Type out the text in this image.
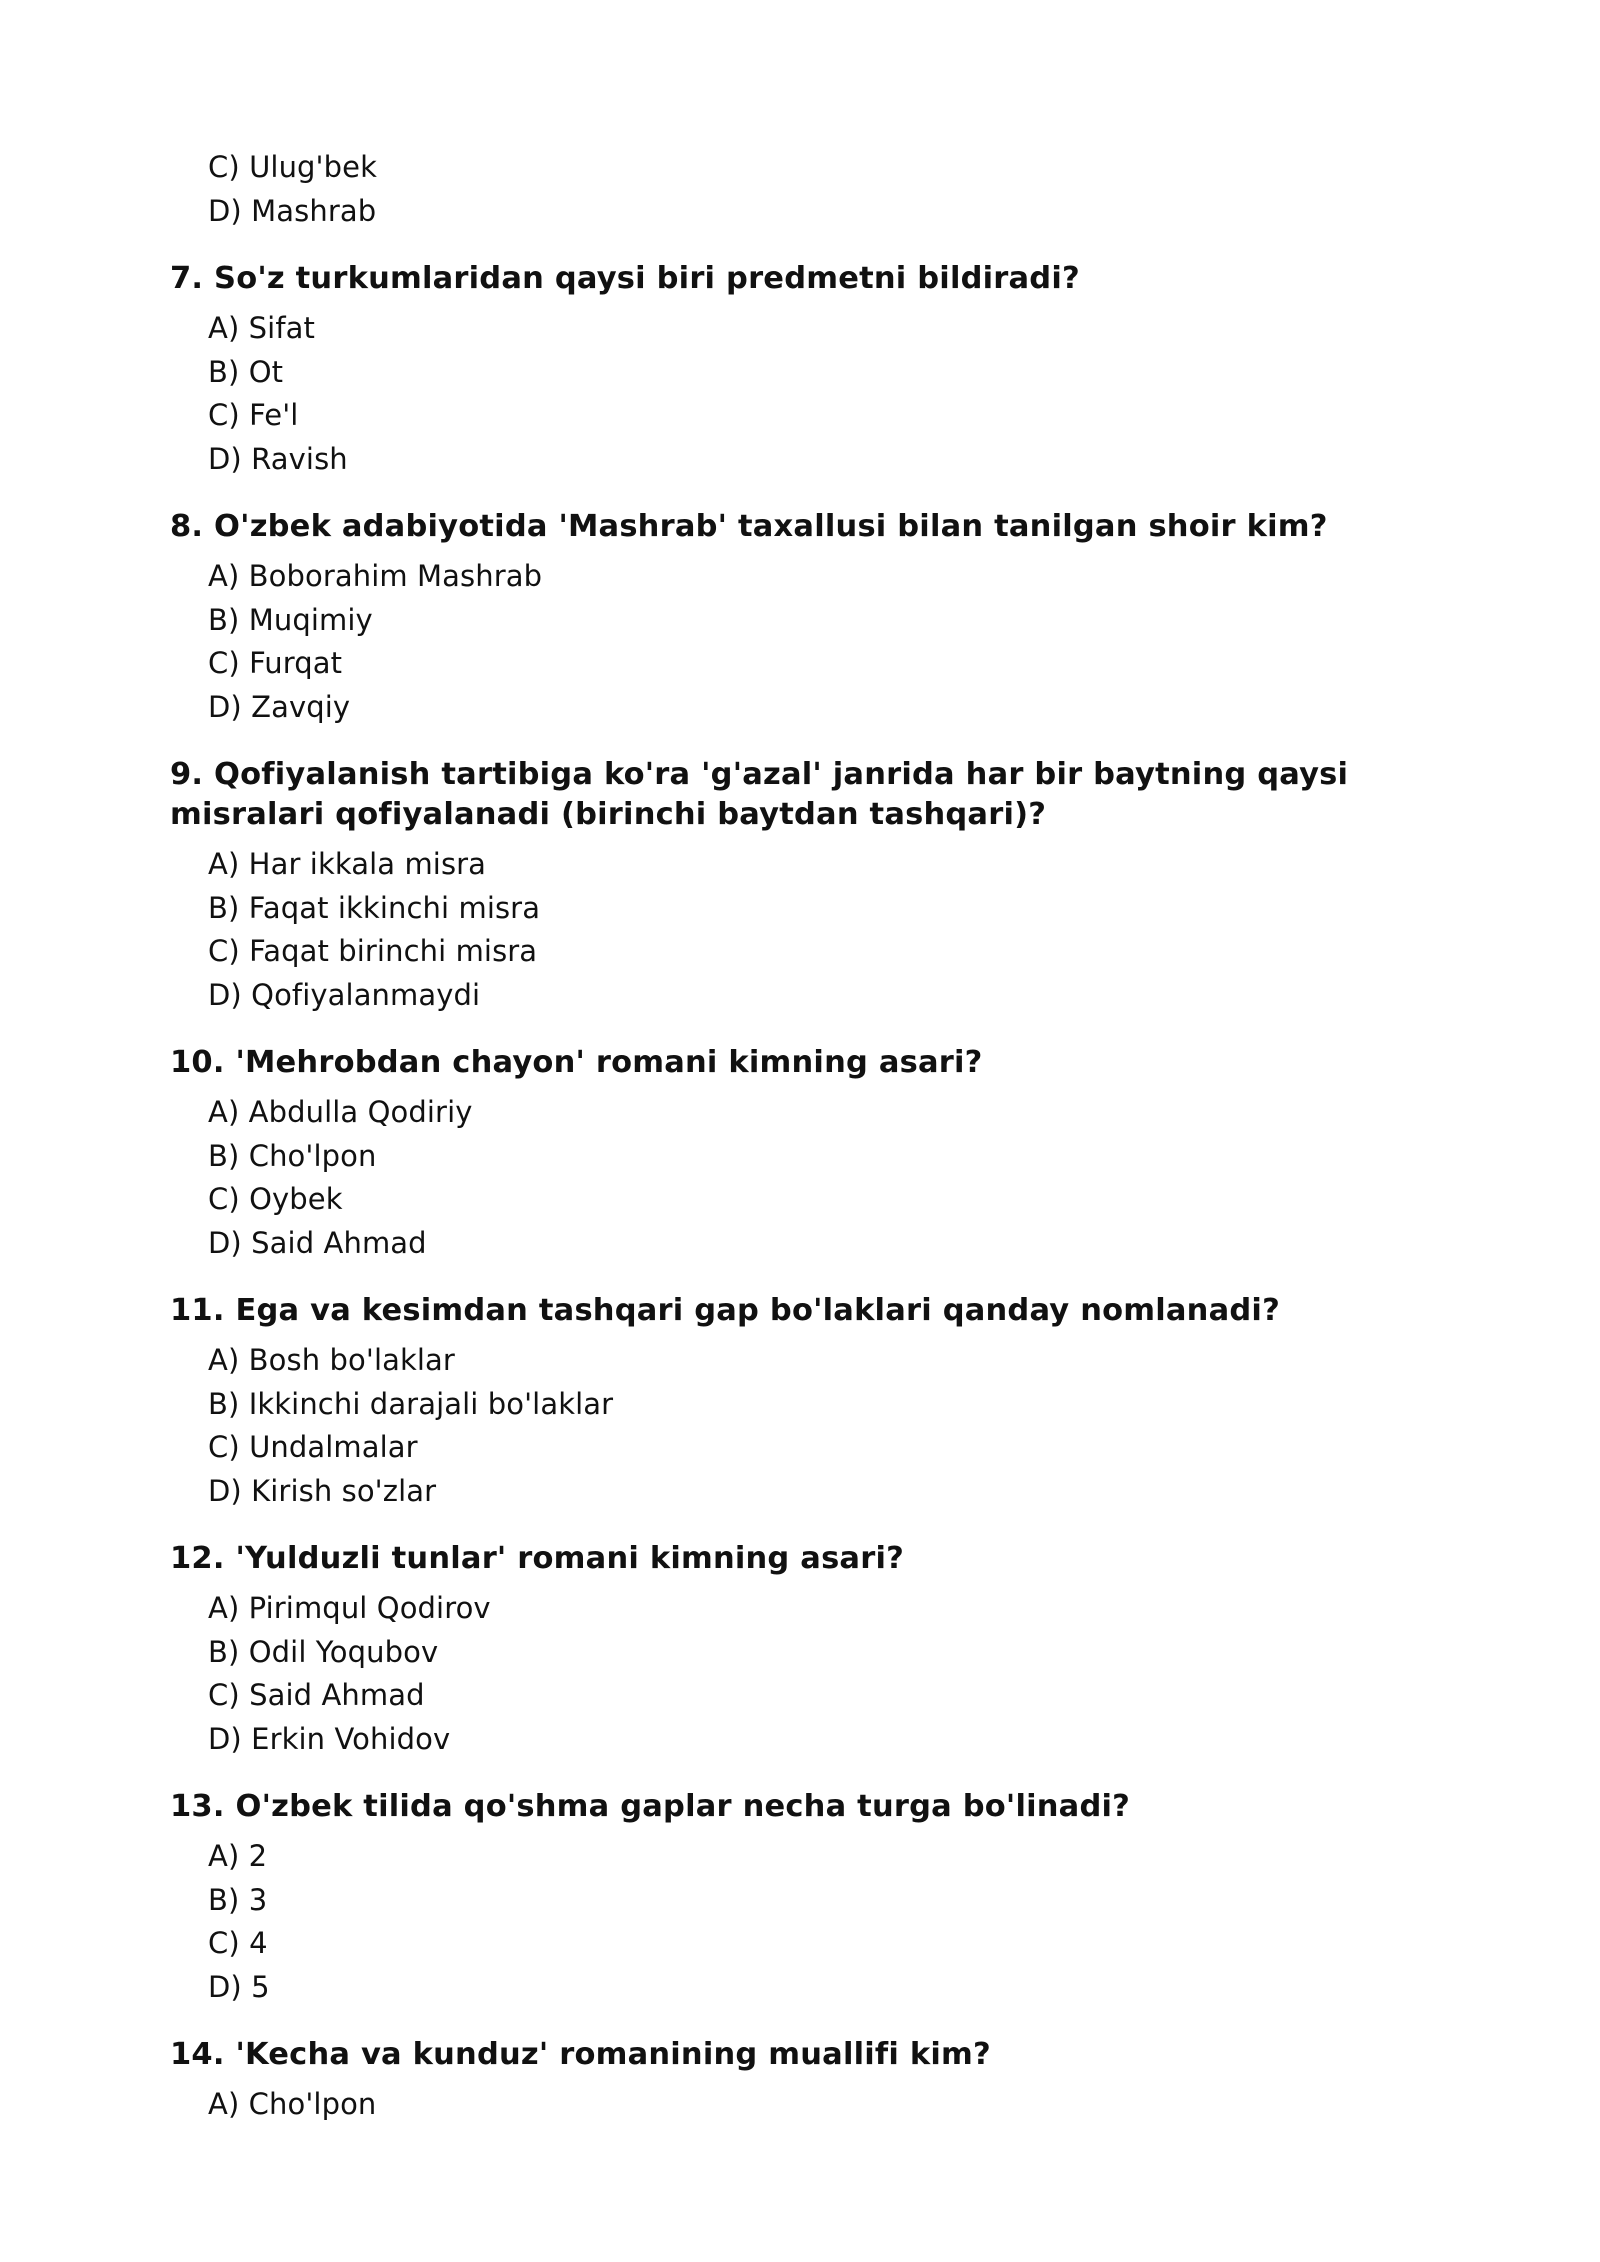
C) Ulug'bek
D) Mashrab
7. So'z turkumlaridan qaysi biri predmetni bildiradi?
A) Sifat
B) Ot
C) Fe'l
D) Ravish
8. O'zbek adabiyotida 'Mashrab' taxallusi bilan tanilgan shoir kim?
A) Boborahim Mashrab
B) Muqimiy
C) Furqat
D) Zavqiy
9. Qofiyalanish tartibiga ko'ra 'g'azal' janrida har bir baytning qaysi misralari qofiyalanadi (birinchi baytdan tashqari)?
A) Har ikkala misra
B) Faqat ikkinchi misra
C) Faqat birinchi misra
D) Qofiyalanmaydi
10. 'Mehrobdan chayon' romani kimning asari?
A) Abdulla Qodiriy
B) Cho'lpon
C) Oybek
D) Said Ahmad
11. Ega va kesimdan tashqari gap bo'laklari qanday nomlanadi?
A) Bosh bo'laklar
B) Ikkinchi darajali bo'laklar
C) Undalmalar
D) Kirish so'zlar
12. 'Yulduzli tunlar' romani kimning asari?
A) Pirimqul Qodirov
B) Odil Yoqubov
C) Said Ahmad
D) Erkin Vohidov
13. O'zbek tilida qo'shma gaplar necha turga bo'linadi?
A) 2
B) 3
C) 4
D) 5
14. 'Kecha va kunduz' romanining muallifi kim?
A) Cho'lpon
